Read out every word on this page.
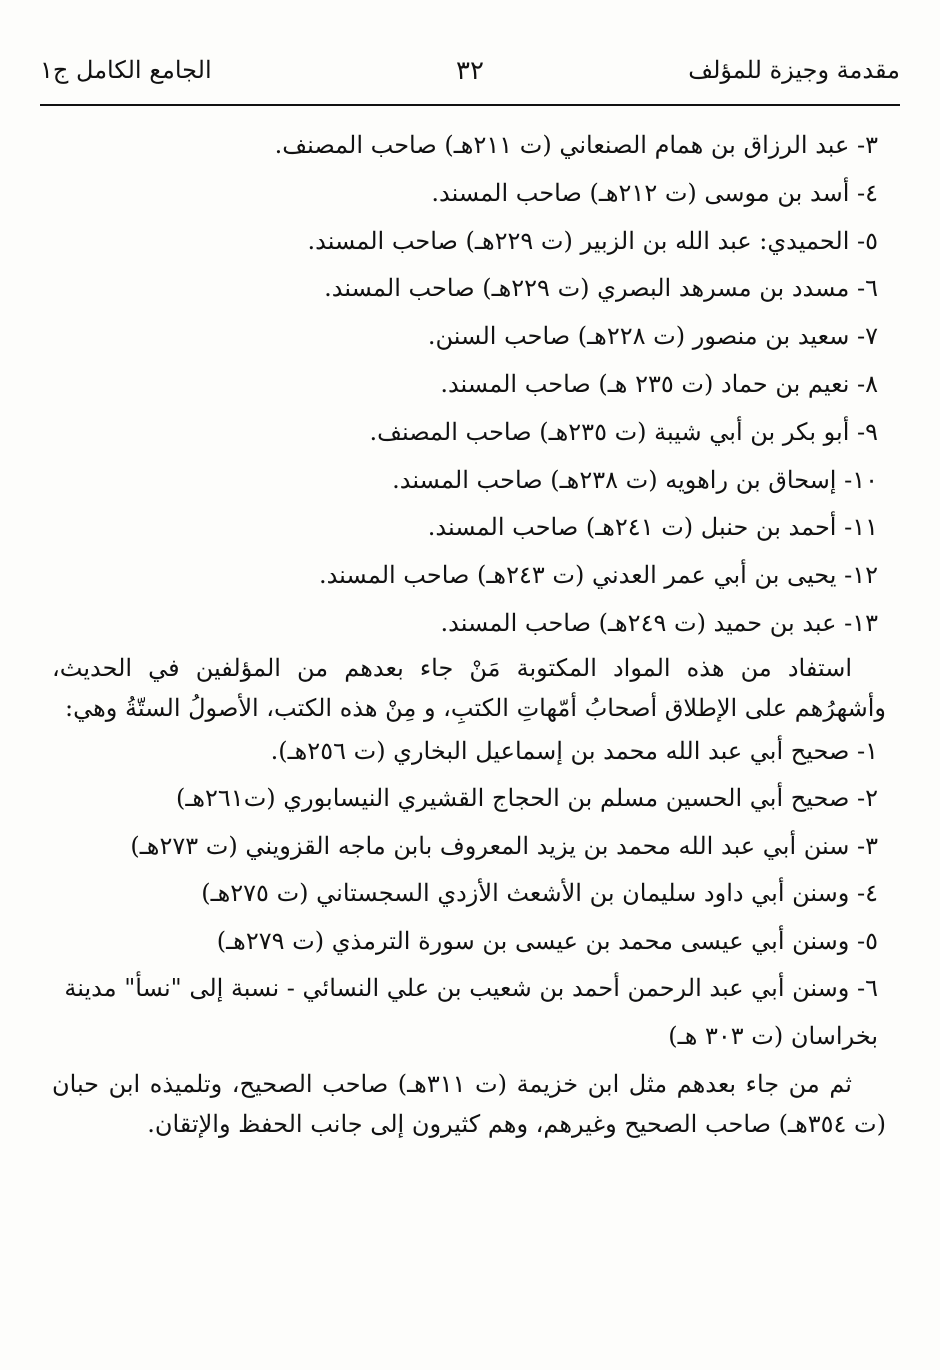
مقدمة وجيزة للمؤلف
٣٢
الجامع الكامل ج١

٣- عبد الرزاق بن همام الصنعاني (ت ٢١١هـ) صاحب المصنف.

٤- أسد بن موسى (ت ٢١٢هـ) صاحب المسند.

٥- الحميدي: عبد الله بن الزبير (ت ٢٢٩هـ) صاحب المسند.

٦- مسدد بن مسرهد البصري (ت ٢٢٩هـ) صاحب المسند.

٧- سعيد بن منصور (ت ٢٢٨هـ) صاحب السنن.

٨- نعيم بن حماد (ت ٢٣٥ هـ) صاحب المسند.

٩- أبو بكر بن أبي شيبة (ت ٢٣٥هـ) صاحب المصنف.

١٠- إسحاق بن راهويه (ت ٢٣٨هـ) صاحب المسند.

١١- أحمد بن حنبل (ت ٢٤١هـ) صاحب المسند.

١٢- يحيى بن أبي عمر العدني (ت ٢٤٣هـ) صاحب المسند.

١٣- عبد بن حميد (ت ٢٤٩هـ) صاحب المسند.

استفاد من هذه المواد المكتوبة مَنْ جاء بعدهم من المؤلفين في الحديث، وأشهرُهم على الإطلاق أصحابُ أمّهاتِ الكتبِ، و مِنْ هذه الكتب، الأصولُ الستّةُ وهي:

١- صحيح أبي عبد الله محمد بن إسماعيل البخاري (ت ٢٥٦هـ).

٢- صحيح أبي الحسين مسلم بن الحجاج القشيري النيسابوري (ت٢٦١هـ)

٣- سنن أبي عبد الله محمد بن يزيد المعروف بابن ماجه القزويني (ت ٢٧٣هـ)

٤- وسنن أبي داود سليمان بن الأشعث الأزدي السجستاني (ت ٢٧٥هـ)

٥- وسنن أبي عيسى محمد بن عيسى بن سورة الترمذي (ت ٢٧٩هـ)

٦- وسنن أبي عبد الرحمن أحمد بن شعيب بن علي النسائي - نسبة إلى "نسأ" مدينة بخراسان (ت ٣٠٣ هـ)

ثم من جاء بعدهم مثل ابن خزيمة (ت ٣١١هـ) صاحب الصحيح، وتلميذه ابن حبان (ت ٣٥٤هـ) صاحب الصحيح وغيرهم، وهم كثيرون إلى جانب الحفظ والإتقان.
